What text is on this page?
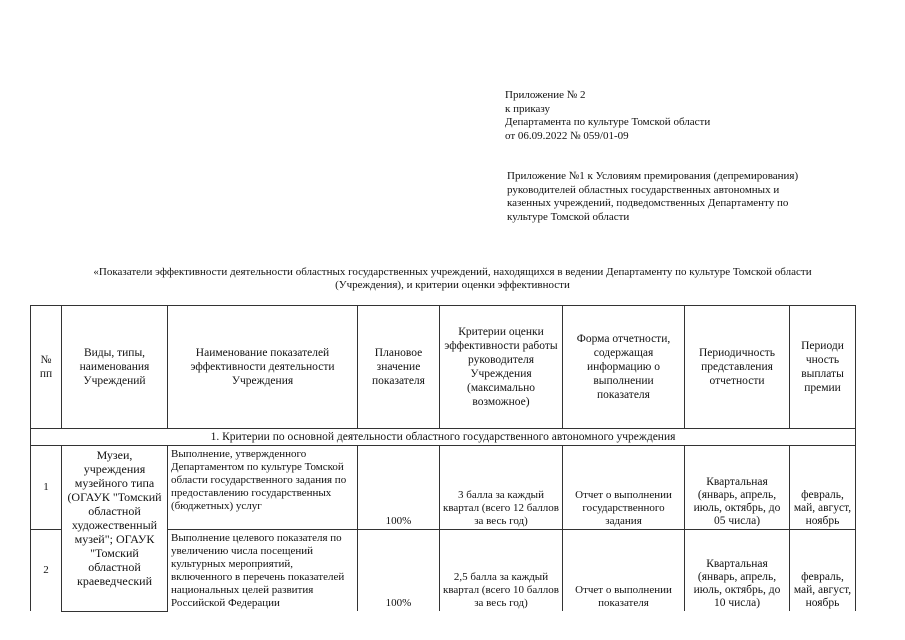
Приложение № 2
к приказу
Департамента по культуре Томской области
от 06.09.2022 № 059/01-09
Приложение №1 к Условиям премирования (депремирования)
руководителей областных государственных автономных и
казенных учреждений, подведомственных Департаменту по
культуре Томской области
«Показатели эффективности деятельности областных государственных учреждений, находящихся в ведении Департаменту по культуре Томской области
(Учреждения), и критерии оценки эффективности
№ пп	Виды, типы, наименования Учреждений	Наименование показателей эффективности деятельности Учреждения	Плановое значение показателя	Критерии оценки эффективности работы руководителя Учреждения (максимально возможное)	Форма отчетности, содержащая информацию о выполнении показателя	Периодичность представления отчетности	Периоди чность выплаты премии
1. Критерии по основной деятельности областного государственного автономного учреждения							
1	Музеи, учреждения музейного типа (ОГАУК "Томский областной художественный музей"; ОГАУК "Томский областной краеведческий	Выполнение, утвержденного Департаментом по культуре Томской области государственного задания по предоставлению государственных (бюджетных) услуг	100%	3 балла за каждый квартал (всего 12 баллов за весь год)	Отчет о выполнении государственного задания	Квартальная (январь, апрель, июль, октябрь, до 05 числа)	февраль, май, август, ноябрь
2		Выполнение целевого показателя по увеличению числа посещений культурных мероприятий, включенного в перечень показателей национальных целей развития Российской Федерации	100%	2,5 балла за каждый квартал (всего 10 баллов за весь год)	Отчет о выполнении показателя	Квартальная (январь, апрель, июль, октябрь, до 10 числа)	февраль, май, август, ноябрь
